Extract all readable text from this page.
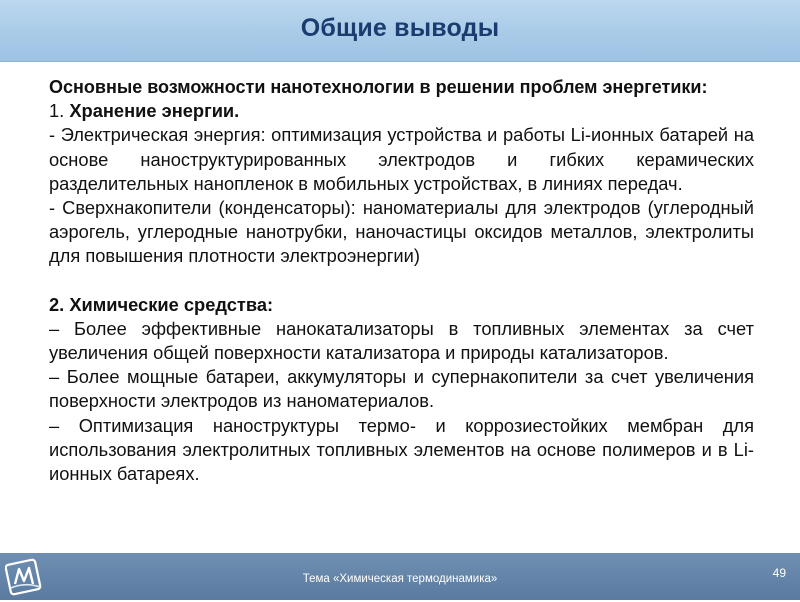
Общие выводы

Основные возможности нанотехнологии в решении проблем энергетики:

1. Хранение энергии.

- Электрическая энергия: оптимизация устройства и работы Li-ионных батарей на основе наноструктурированных электродов и гибких керамических разделительных нанопленок в мобильных устройствах, в линиях передач.

- Сверхнакопители (конденсаторы): наноматериалы для электродов (углеродный аэрогель, углеродные нанотрубки, наночастицы оксидов металлов, электролиты для повышения плотности электроэнергии)

2. Химические средства:

– Более эффективные нанокатализаторы в топливных элементах за счет увеличения общей поверхности катализатора и природы катализаторов.

– Более мощные батареи, аккумуляторы и супернакопители за счет увеличения поверхности электродов из наноматериалов.

– Оптимизация наноструктуры термо- и коррозиестойких мембран для использования электролитных топливных элементов на основе полимеров и в Li-ионных батареях.

Тема «Химическая термодинамика»	49
